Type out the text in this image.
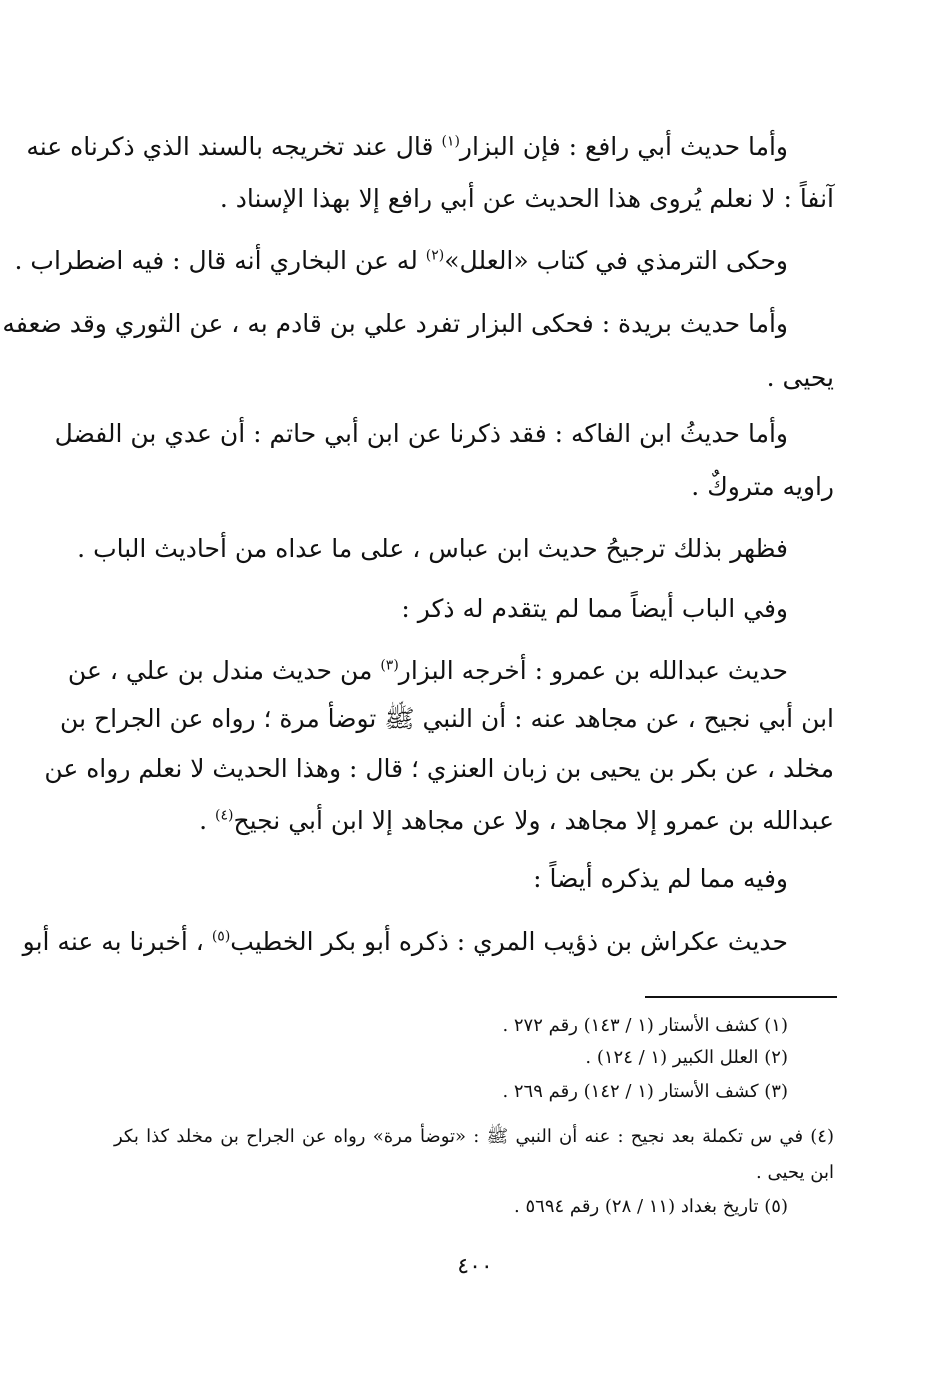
وأما حديث أبي رافع : فإن البزار$^{(١)}$ قال عند تخريجه بالسند الذي ذكرناه عنه
آنفاً : لا نعلم يُروى هذا الحديث عن أبي رافع إلا بهذا الإسناد .
وحكى الترمذي في كتاب «العلل»$^{(٢)}$ له عن البخاري أنه قال : فيه اضطراب .
وأما حديث بريدة : فحكى البزار تفرد علي بن قادم به ، عن الثوري وقد ضعفه
يحيى .
وأما حديثُ ابن الفاكه : فقد ذكرنا عن ابن أبي حاتم : أن عدي بن الفضل
راويه متروكٌ .
فظهر بذلك ترجيحُ حديث ابن عباس ، على ما عداه من أحاديث الباب .
وفي الباب أيضاً مما لم يتقدم له ذكر :
حديث عبدالله بن عمرو : أخرجه البزار$^{(٣)}$ من حديث مندل بن علي ، عن
ابن أبي نجيح ، عن مجاهد عنه : أن النبي ﷺ توضأ مرة ؛ رواه عن الجراح بن
مخلد ، عن بكر بن يحيى بن زبان العنزي ؛ قال : وهذا الحديث لا نعلم رواه عن
عبدالله بن عمرو إلا مجاهد ، ولا عن مجاهد إلا ابن أبي نجيح$^{(٤)}$ .
وفيه مما لم يذكره أيضاً :
حديث عكراش بن ذؤيب المري : ذكره أبو بكر الخطيب$^{(٥)}$ ، أخبرنا به عنه أبو
(١) كشف الأستار (١ / ١٤٣) رقم ٢٧٢ .
(٢) العلل الكبير (١ / ١٢٤) .
(٣) كشف الأستار (١ / ١٤٢) رقم ٢٦٩ .
(٤) في س تكملة بعد نجيح : عنه أن النبي ﷺ : «توضأ مرة» رواه عن الجراح بن مخلد كذا بكر
ابن يحيى .
(٥) تاريخ بغداد (١١ / ٢٨) رقم ٥٦٩٤ .
٤٠٠
